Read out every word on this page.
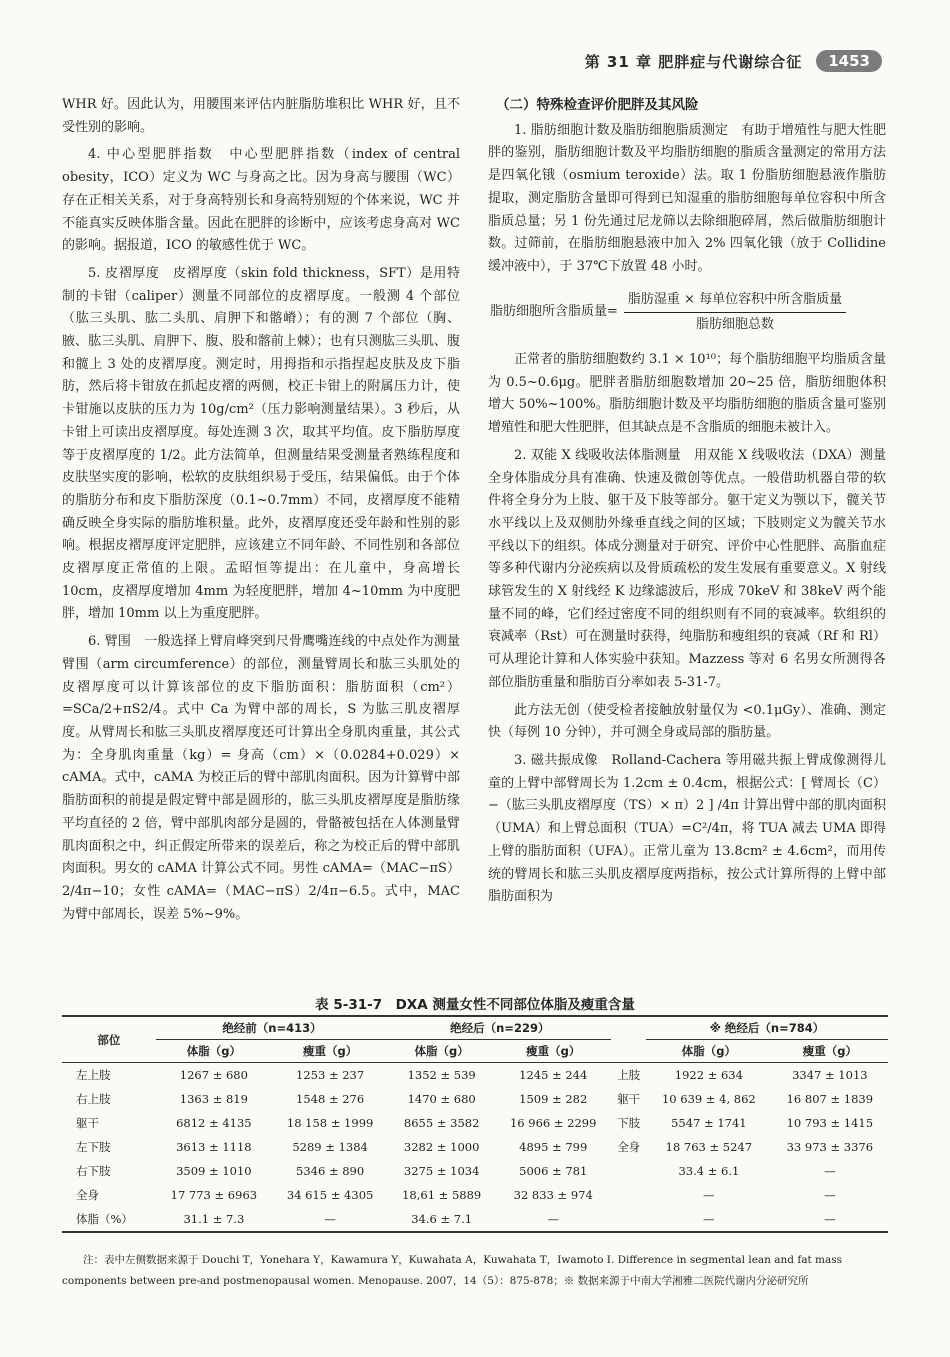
第 31 章 肥胖症与代谢综合征	1453

WHR 好。因此认为，用腰围来评估内脏脂肪堆积比 WHR 好，且不受性别的影响。

4. 中心型肥胖指数　中心型肥胖指数（index of central obesity，ICO）定义为 WC 与身高之比。因为身高与腰围（WC）存在正相关关系，对于身高特别长和身高特别短的个体来说，WC 并不能真实反映体脂含量。因此在肥胖的诊断中，应该考虑身高对 WC 的影响。据报道，ICO 的敏感性优于 WC。

5. 皮褶厚度　皮褶厚度（skin fold thickness，SFT）是用特制的卡钳（caliper）测量不同部位的皮褶厚度。一般测 4 个部位（肱三头肌、肱二头肌、肩胛下和髂嵴）；有的测 7 个部位（胸、腋、肱三头肌、肩胛下、腹、股和髂前上棘）；也有只测肱三头肌、腹和髋上 3 处的皮褶厚度。测定时，用拇指和示指捏起皮肤及皮下脂肪，然后将卡钳放在抓起皮褶的两侧，校正卡钳上的附属压力计，使卡钳施以皮肤的压力为 10g/cm²（压力影响测量结果）。3 秒后，从卡钳上可读出皮褶厚度。每处连测 3 次，取其平均值。皮下脂肪厚度等于皮褶厚度的 1/2。此方法简单，但测量结果受测量者熟练程度和皮肤坚实度的影响，松软的皮肤组织易于受压，结果偏低。由于个体的脂肪分布和皮下脂肪深度（0.1~0.7mm）不同，皮褶厚度不能精确反映全身实际的脂肪堆积量。此外，皮褶厚度还受年龄和性别的影响。根据皮褶厚度评定肥胖，应该建立不同年龄、不同性别和各部位皮褶厚度正常值的上限。孟昭恒等提出：在儿童中，身高增长 10cm，皮褶厚度增加 4mm 为轻度肥胖，增加 4~10mm 为中度肥胖，增加 10mm 以上为重度肥胖。

6. 臂围　一般选择上臂肩峰突到尺骨鹰嘴连线的中点处作为测量臂围（arm circumference）的部位，测量臂周长和肱三头肌处的皮褶厚度可以计算该部位的皮下脂肪面积：脂肪面积（cm²）=SCa/2+πS2/4。式中 Ca 为臂中部的周长，S 为肱三肌皮褶厚度。从臂周长和肱三头肌皮褶厚度还可计算出全身肌肉重量，其公式为：全身肌肉重量（kg）= 身高（cm）×（0.0284+0.029）× cAMA。式中，cAMA 为校正后的臂中部肌肉面积。因为计算臂中部脂肪面积的前提是假定臂中部是圆形的，肱三头肌皮褶厚度是脂肪缘平均直径的 2 倍，臂中部肌肉部分是圆的，骨骼被包括在人体测量臂肌肉面积之中，纠正假定所带来的误差后，称之为校正后的臂中部肌肉面积。男女的 cAMA 计算公式不同。男性 cAMA=（MAC−πS）2/4π−10；女性 cAMA=（MAC−πS）2/4π−6.5。式中，MAC 为臂中部周长，误差 5%~9%。

（二）特殊检查评价肥胖及其风险

1. 脂肪细胞计数及脂肪细胞脂质测定　有助于增殖性与肥大性肥胖的鉴别，脂肪细胞计数及平均脂肪细胞的脂质含量测定的常用方法是四氧化锇（osmium teroxide）法。取 1 份脂肪细胞悬液作脂肪提取，测定脂肪含量即可得到已知湿重的脂肪细胞每单位容积中所含脂质总量；另 1 份先通过尼龙筛以去除细胞碎屑，然后做脂肪细胞计数。过筛前，在脂肪细胞悬液中加入 2% 四氧化锇（放于 Collidine 缓冲液中），于 37℃下放置 48 小时。

脂肪细胞所含脂质量= $\frac{\text{脂肪湿重 × 每单位容积中所含脂质量}}{\text{脂肪细胞总数}}$

正常者的脂肪细胞数约 3.1 × 10¹⁰；每个脂肪细胞平均脂质含量为 0.5~0.6μg。肥胖者脂肪细胞数增加 20~25 倍，脂肪细胞体积增大 50%~100%。脂肪细胞计数及平均脂肪细胞的脂质含量可鉴别增殖性和肥大性肥胖，但其缺点是不含脂质的细胞未被计入。

2. 双能 X 线吸收法体脂测量　用双能 X 线吸收法（DXA）测量全身体脂成分具有准确、快速及微创等优点。一般借助机器自带的软件将全身分为上肢、躯干及下肢等部分。躯干定义为颚以下，髋关节水平线以上及双侧肋外缘垂直线之间的区域；下肢则定义为髋关节水平线以下的组织。体成分测量对于研究、评价中心性肥胖、高脂血症等多种代谢内分泌疾病以及骨质疏松的发生发展有重要意义。X 射线球管发生的 X 射线经 K 边缘滤波后，形成 70keV 和 38keV 两个能量不同的峰，它们经过密度不同的组织则有不同的衰减率。软组织的衰减率（Rst）可在测量时获得，纯脂肪和瘦组织的衰减（Rf 和 Rl）可从理论计算和人体实验中获知。Mazzess 等对 6 名男女所测得各部位脂肪重量和脂肪百分率如表 5-31-7。

此方法无创（使受检者接触放射量仅为 <0.1μGy）、准确、测定快（每例 10 分钟），并可测全身或局部的脂肪量。

3. 磁共振成像　Rolland-Cachera 等用磁共振上臂成像测得儿童的上臂中部臂周长为 1.2cm ± 0.4cm，根据公式：[ 臂周长（C）−（肱三头肌皮褶厚度（TS）× π）2 ] /4π 计算出臂中部的肌肉面积（UMA）和上臂总面积（TUA）=C²/4π，将 TUA 减去 UMA 即得上臂的脂肪面积（UFA）。正常儿童为 13.8cm² ± 4.6cm²，而用传统的臂周长和肱三头肌皮褶厚度两指标，按公式计算所得的上臂中部脂肪面积为

表 5-31-7　DXA 测量女性不同部位体脂及瘦重含量
部位	绝经前（n=413）		绝经后（n=229）			※ 绝经后（n=784）	
	体脂（g）	瘦重（g）	体脂（g）	瘦重（g）		体脂（g）	瘦重（g）
左上肢	1267 ± 680	1253 ± 237	1352 ± 539	1245 ± 244	上肢	1922 ± 634	3347 ± 1013
右上肢	1363 ± 819	1548 ± 276	1470 ± 680	1509 ± 282	躯干	10 639 ± 4, 862	16 807 ± 1839
躯干	6812 ± 4135	18 158 ± 1999	8655 ± 3582	16 966 ± 2299	下肢	5547 ± 1741	10 793 ± 1415
左下肢	3613 ± 1118	5289 ± 1384	3282 ± 1000	4895 ± 799	全身	18 763 ± 5247	33 973 ± 3376
右下肢	3509 ± 1010	5346 ± 890	3275 ± 1034	5006 ± 781		33.4 ± 6.1	—
全身	17 773 ± 6963	34 615 ± 4305	18,61 ± 5889	32 833 ± 974		—	—
体脂（%）	31.1 ± 7.3	—	34.6 ± 7.1	—		—	—

注：表中左侧数据来源于 Douchi T，Yonehara Y，Kawamura Y，Kuwahata A，Kuwahata T，Iwamoto I. Difference in segmental lean and fat mass components between pre-and postmenopausal women. Menopause. 2007，14（5）：875-878；※ 数据来源于中南大学湘雅二医院代谢内分泌研究所
